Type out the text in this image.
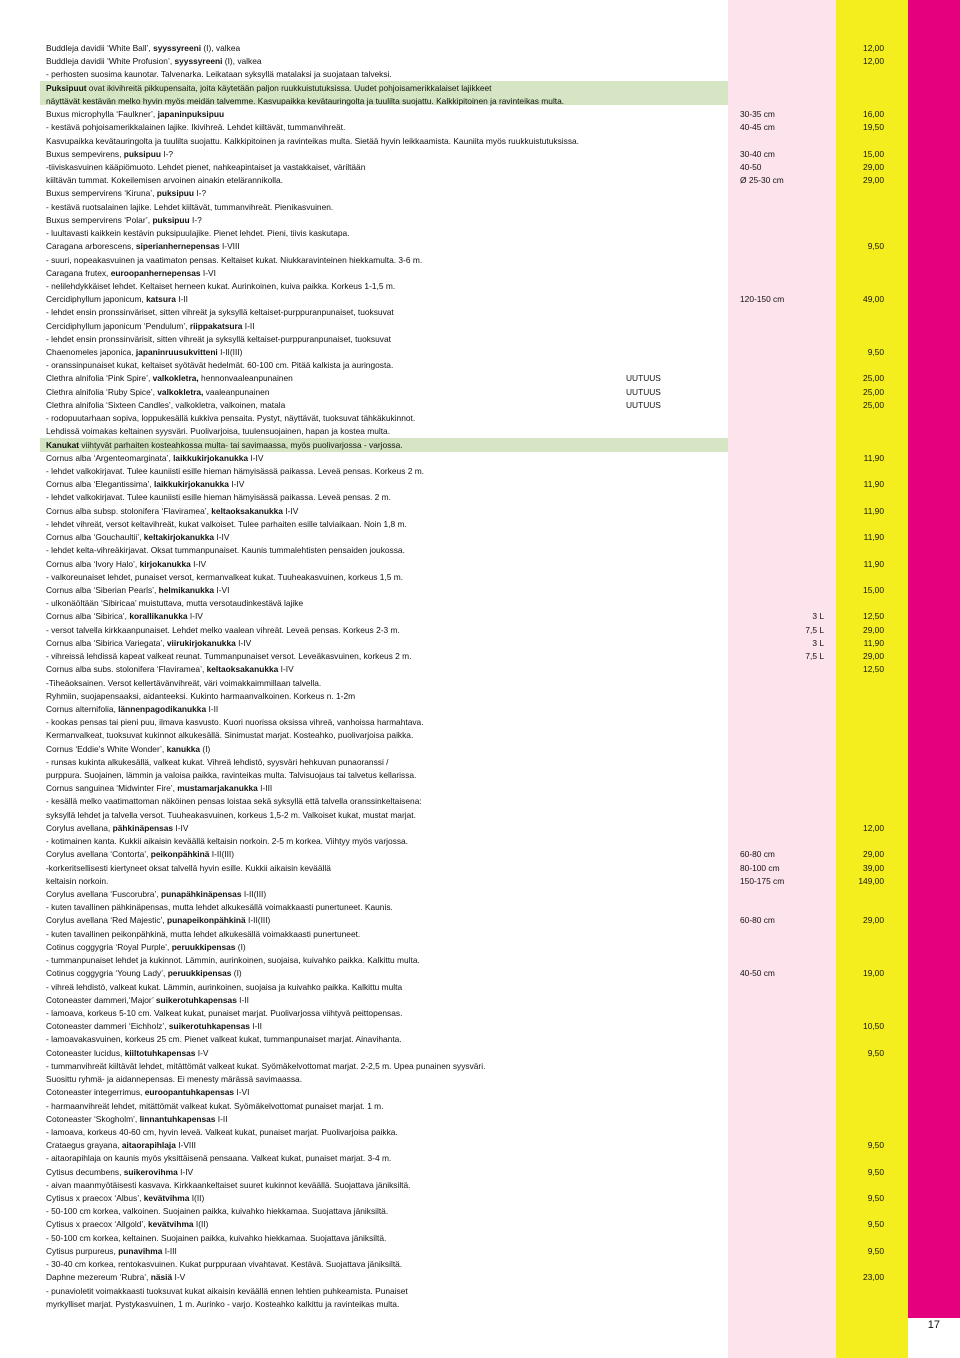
17
Buddleja davidii ‘White Ball’, syyssyreeni (I), valkea	12,00
Buddleja davidii ‘White Profusion’, syyssyreeni (I), valkea	12,00
- perhosten suosima kaunotar. Talvenarka. Leikataan syksyllä matalaksi ja suojataan talveksi.
Puksipuut ovat ikivihreitä pikkupensaita, joita käytetään paljon ruukkuistutuksissa. Uudet pohjoisamerikkalaiset lajikkeet
näyttävät kestävän melko hyvin myös meidän talvemme. Kasvupaikka kevätauringolta ja tuulilta suojattu. Kalkkipitoinen ja ravinteikas multa.
Buxus microphylla ‘Faulkner’, japaninpuksipuu	30-35 cm	16,00
- kestävä pohjoisamerikkalainen lajike. Ikivihreä. Lehdet kiiltävät, tummanvihreät.	40-45 cm	19,50
Kasvupaikka kevätauringolta ja tuulilta suojattu. Kalkkipitoinen ja ravinteikas multa. Sietää hyvin leikkaamista. Kauniita myös ruukkuistutuksissa.
Buxus sempevirens, puksipuu I-?	30-40 cm	15,00
-tiiviskasvuinen kääpiömuoto. Lehdet pienet, nahkeapintaiset ja vastakkaiset, väriltään	40-50	29,00
kiiltävän tummat. Kokeilemisen arvoinen ainakin etelärannikolla.	Ø 25-30 cm	29,00
Buxus sempervirens ‘Kiruna’, puksipuu I-?
- kestävä ruotsalainen lajike. Lehdet kiiltävät, tummanvihreät. Pienikasvuinen.
Buxus sempervirens ‘Polar’, puksipuu I-?
- luultavasti kaikkein kestävin puksipuulajike. Pienet lehdet. Pieni, tiivis kaskutapa.
Caragana arborescens, siperianhernepensas I-VIII	9,50
- suuri, nopeakasvuinen ja vaatimaton pensas. Keltaiset kukat. Niukkaravinteinen hiekkamulta. 3-6 m.
Caragana frutex, euroopanhernepensas I-VI
- nelilehdykkäiset lehdet. Keltaiset herneen kukat. Aurinkoinen, kuiva paikka. Korkeus 1-1,5 m.
Cercidiphyllum japonicum, katsura I-II	120-150 cm	49,00
- lehdet ensin pronssinväriset, sitten vihreät ja syksyllä keltaiset-purppuranpunaiset, tuoksuvat
Cercidiphyllum japonicum ‘Pendulum’, riippakatsura I-II
- lehdet ensin pronssinvärisit, sitten vihreät ja syksyllä keltaiset-purppuranpunaiset, tuoksuvat
Chaenomeles japonica, japaninruusukvitteni I-II(III)	9,50
- oranssinpunaiset kukat, keltaiset syötävät hedelmät. 60-100 cm. Pitää kalkista ja auringosta.
Clethra alnifolia ‘Pink Spire’, valkokletra, hennonvaaleanpunainen	UUTUUS	25,00
Clethra alnifolia ‘Ruby Spice’, valkokletra, vaaleanpunainen	UUTUUS	25,00
Clethra alnifolia ‘Sixteen Candles’, valkokletra, valkoinen, matala	UUTUUS	25,00
- rodopuutarhaan sopiva, loppukesällä kukkiva pensaita. Pystyt, näyttävät, tuoksuvat tähkäkukinnot.
Lehdissä voimakas keltainen syysväri. Puolivarjoisa, tuulensuojainen, hapan ja kostea multa.
Kanukat viihtyvät parhaiten kosteahkossa multa- tai savimaassa, myös puolivarjossa - varjossa.
Cornus alba ‘Argenteomarginata’, laikkukirjokanukka I-IV	11,90
- lehdet valkokirjavat. Tulee kauniisti esille hieman hämyisässä paikassa. Leveä pensas. Korkeus 2 m.
Cornus alba ‘Elegantissima’, laikkukirjokanukka I-IV	11,90
- lehdet valkokirjavat. Tulee kauniisti esille hieman hämyisässä paikassa. Leveä pensas. 2 m.
Cornus alba subsp. stolonifera ‘Flaviramea’, keltaoksakanukka I-IV	11,90
- lehdet vihreät, versot keltavihreät, kukat valkoiset. Tulee parhaiten esille talviaikaan. Noin 1,8 m.
Cornus alba ‘Gouchaultii’, keltakirjokanukka I-IV	11,90
- lehdet kelta-vihreäkirjavat. Oksat tummanpunaiset. Kaunis tummalehtisten pensaiden joukossa.
Cornus alba ‘Ivory Halo’, kirjokanukka I-IV	11,90
- valkoreunaiset lehdet, punaiset versot, kermanvalkeat kukat. Tuuheakasvuinen, korkeus 1,5 m.
Cornus alba ‘Siberian Pearls’, helmikanukka I-VI	15,00
- ulkonäöltään ‘Sibiricaa’ muistuttava, mutta versotaudinkestävä lajike
Cornus alba ‘Sibirica’, korallikanukka I-IV	3 L	12,50
- versot talvella kirkkaanpunaiset. Lehdet melko vaalean vihreät. Leveä pensas. Korkeus 2-3 m.	7,5 L	29,00
Cornus alba ‘Sibirica Variegata’, viirukirjokanukka I-IV	3 L	11,90
- vihreissä lehdissä kapeat valkeat reunat. Tummanpunaiset versot. Leveäkasvuinen, korkeus 2 m.	7,5 L	29,00
Cornus alba subs. stolonifera ‘Flaviramea’, keltaoksakanukka I-IV	12,50
-Tiheäoksainen. Versot kellertävänvihreät, väri voimakkaimmillaan talvella.
Ryhmiin, suojapensaaksi, aidanteeksi. Kukinto harmaanvalkoinen. Korkeus n. 1-2m
Cornus alternifolia, lännenpagodikanukka I-II
- kookas pensas tai pieni puu, ilmava kasvusto. Kuori nuorissa oksissa vihreä, vanhoissa harmahtava.
Kermanvalkeat, tuoksuvat kukinnot alkukesällä. Sinimustat marjat. Kosteahko, puolivarjoisa paikka.
Cornus ‘Eddie’s White Wonder’, kanukka (I)
- runsas kukinta alkukesällä, valkeat kukat. Vihreä lehdistö, syysväri hehkuvan punaoranssi /
purppura. Suojainen, lämmin ja valoisa paikka, ravinteikas multa. Talvisuojaus tai talvetus kellarissa.
Cornus sanguinea ‘Midwinter Fire’, mustamarjakanukka I-III
- kesällä melko vaatimattoman näköinen pensas loistaa sekä syksyllä että talvella oranssinkeltaisena:
syksyllä lehdet ja talvella versot. Tuuheakasvuinen, korkeus 1,5-2 m. Valkoiset kukat, mustat marjat.
Corylus avellana, pähkinäpensas I-IV	12,00
- kotimainen kanta. Kukkii aikaisin keväällä keltaisin norkoin. 2-5 m korkea. Viihtyy myös varjossa.
Corylus avellana ‘Contorta’, peikonpähkinä I-II(III)	60-80 cm	29,00
-korkeritsellisesti kiertyneet oksat talvellä hyvin esille. Kukkii aikaisin keväällä	80-100 cm	39,00
keltaisin norkoin.	150-175 cm	149,00
Corylus avellana ‘Fuscorubra’, punapähkinäpensas I-II(III)
- kuten tavallinen pähkinäpensas, mutta lehdet alkukesällä voimakkaasti punertuneet. Kaunis.
Corylus avellana ‘Red Majestic’, punapeikonpähkinä I-II(III)	60-80 cm	29,00
- kuten tavallinen peikonpähkinä, mutta lehdet alkukesällä voimakkaasti punertuneet.
Cotinus coggygria ‘Royal Purple’, peruukkipensas (I)
- tummanpunaiset lehdet ja kukinnot. Lämmin, aurinkoinen, suojaisa, kuivahko paikka. Kalkittu multa.
Cotinus coggygria ‘Young Lady’, peruukkipensas (I)	40-50 cm	19,00
- vihreä lehdistö, valkeat kukat. Lämmin, aurinkoinen, suojaisa ja kuivahko paikka. Kalkittu multa
Cotoneaster dammeri,‘Major’ suikerotuhkapensas I-II
- lamoava, korkeus 5-10 cm. Valkeat kukat, punaiset marjat. Puolivarjossa viihtyvä peittopensas.
Cotoneaster dammeri ‘Eichholz’, suikerotuhkapensas I-II	10,50
- lamoavakasvuinen, korkeus 25 cm. Pienet valkeat kukat, tummanpunaiset marjat. Ainavihanta.
Cotoneaster lucidus, kiiltotuhkapensas I-V	9,50
- tummanvihreät kiiltävät lehdet, mitättömät valkeat kukat. Syömäkelvottomat marjat. 2-2,5 m. Upea punainen syysväri.
Suosittu ryhmä- ja aidannepensas. Ei menesty märässä savimaassa.
Cotoneaster integerrimus, euroopantuhkapensas I-VI
- harmaanvihreät lehdet, mitättömät valkeat kukat. Syömäkelvottomat punaiset marjat. 1 m.
Cotoneaster ‘Skogholm’, linnantuhkapensas I-II
- lamoava, korkeus 40-60 cm, hyvin leveä. Valkeat kukat, punaiset marjat. Puolivarjoisa paikka.
Crataegus grayana, aitaorapihlaja I-VIII	9,50
- aitaorapihlaja on kaunis myös yksittäisenä pensaana. Valkeat kukat, punaiset marjat. 3-4 m.
Cytisus decumbens, suikerovihma I-IV	9,50
- aivan maanmyötäisesti kasvava. Kirkkaankeltaiset suuret kukinnot keväällä. Suojattava jäniksiltä.
Cytisus x praecox ‘Albus’, kevätvihma I(II)	9,50
- 50-100 cm korkea, valkoinen. Suojainen paikka, kuivahko hiekkamaa. Suojattava jäniksiltä.
Cytisus x praecox ‘Allgold’, kevätvihma I(II)	9,50
- 50-100 cm korkea, keltainen. Suojainen paikka, kuivahko hiekkamaa. Suojattava jäniksiltä.
Cytisus purpureus, punavihma I-III	9,50
- 30-40 cm korkea, rentokasvuinen. Kukat purppuraan vivahtavat. Kestävä. Suojattava jäniksiltä.
Daphne mezereum ‘Rubra’, näsiä I-V	23,00
- punavioletit voimakkaasti tuoksuvat kukat aikaisin keväällä ennen lehtien puhkeamista. Punaiset
myrkylliset marjat. Pystykasvuinen, 1 m. Aurinko - varjo. Kosteahko kalkittu ja ravinteikas multa.
